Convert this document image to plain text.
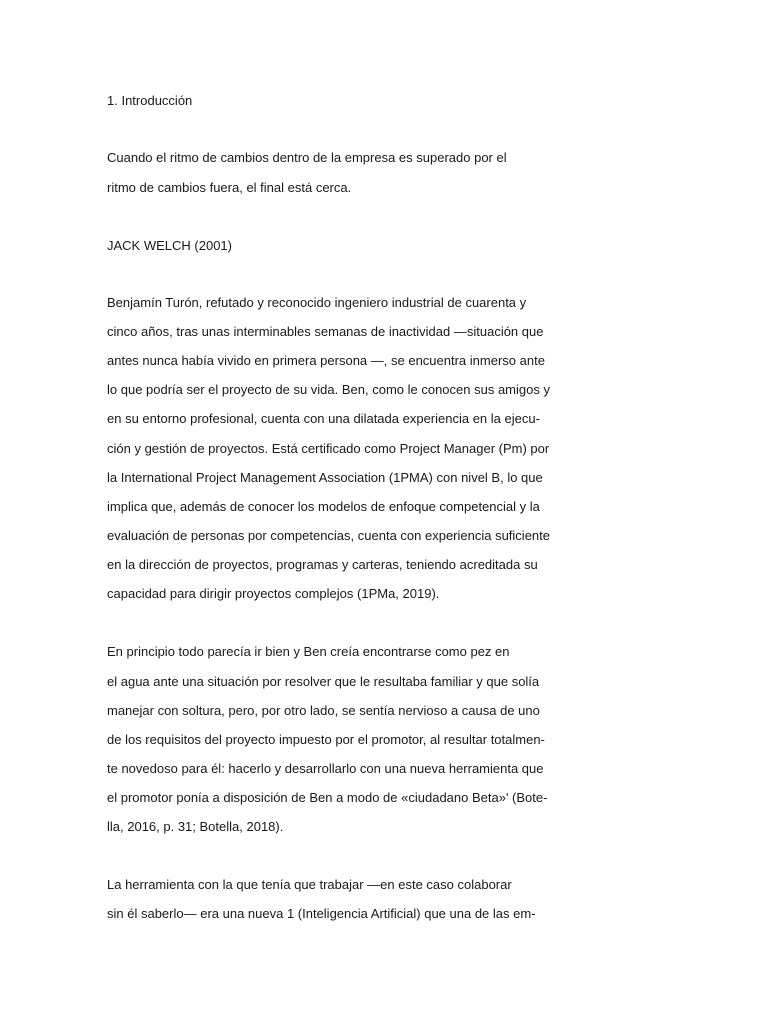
1. Introducción
Cuando el ritmo de cambios dentro de la empresa es superado por el
ritmo de cambios fuera, el final está cerca.
JACK WELCH (2001)
Benjamín Turón, refutado y reconocido ingeniero industrial de cuarenta y
cinco años, tras unas interminables semanas de inactividad —situación que
antes nunca había vivido en primera persona —, se encuentra inmerso ante
lo que podría ser el proyecto de su vida. Ben, como le conocen sus amigos y
en su entorno profesional, cuenta con una dilatada experiencia en la ejecu-
ción y gestión de proyectos. Está certificado como Project Manager (Pm) por
la International Project Management Association (1PMA) con nivel B, lo que
implica que, además de conocer los modelos de enfoque competencial y la
evaluación de personas por competencias, cuenta con experiencia suficiente
en la dirección de proyectos, programas y carteras, teniendo acreditada su
capacidad para dirigir proyectos complejos (1PMa, 2019).
En principio todo parecía ir bien y Ben creía encontrarse como pez en
el agua ante una situación por resolver que le resultaba familiar y que solía
manejar con soltura, pero, por otro lado, se sentía nervioso a causa de uno
de los requisitos del proyecto impuesto por el promotor, al resultar totalmen-
te novedoso para él: hacerlo y desarrollarlo con una nueva herramienta que
el promotor ponía a disposición de Ben a modo de «ciudadano Beta»' (Bote-
lla, 2016, p. 31; Botella, 2018).
La herramienta con la que tenía que trabajar —en este caso colaborar
sin él saberlo— era una nueva 1 (Inteligencia Artificial) que una de las em-
